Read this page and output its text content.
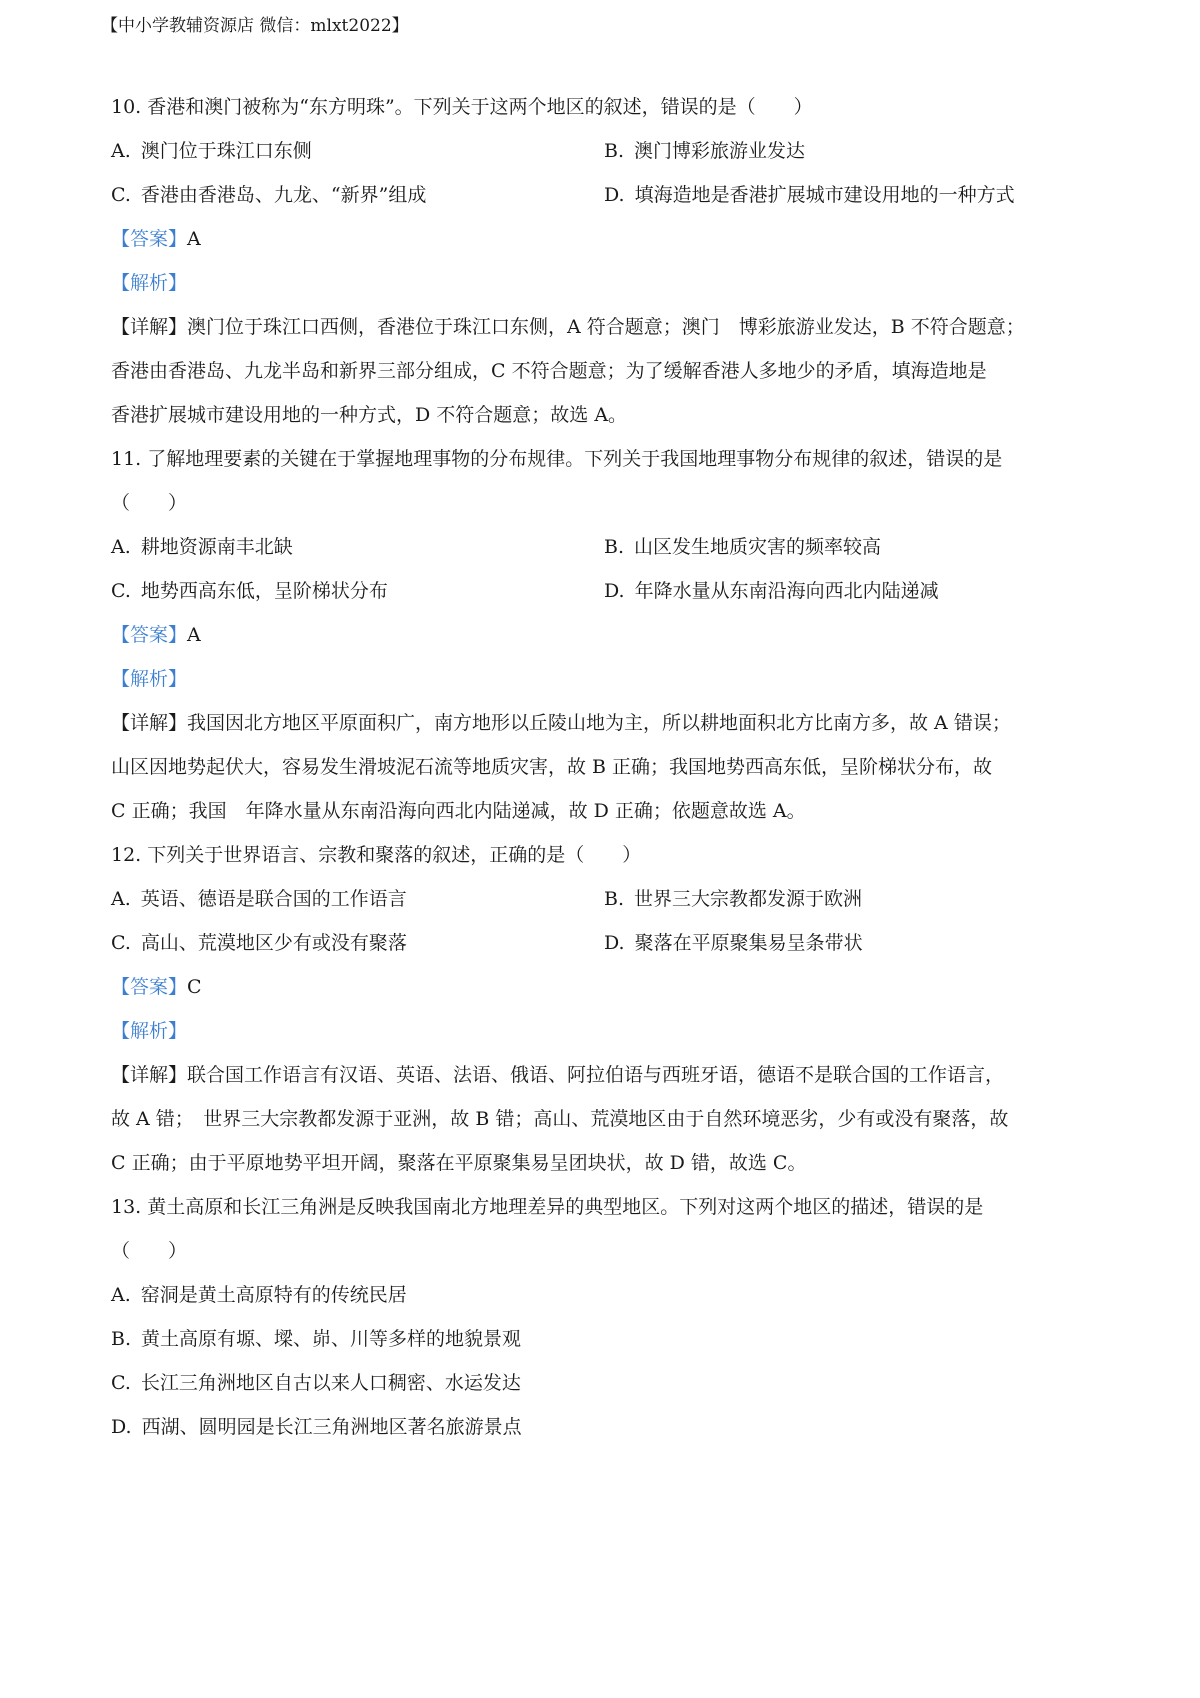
【中小学教辅资源店 微信：mlxt2022】
10. 香港和澳门被称为“东方明珠”。下列关于这两个地区的叙述，错误的是（　　）
A. 澳门位于珠江口东侧	B. 澳门博彩旅游业发达
C. 香港由香港岛、九龙、“新界”组成	D. 填海造地是香港扩展城市建设用地的一种方式
【答案】A
【解析】
【详解】澳门位于珠江口西侧，香港位于珠江口东侧，A 符合题意；澳门　博彩旅游业发达，B 不符合题意；
香港由香港岛、九龙半岛和新界三部分组成，C 不符合题意；为了缓解香港人多地少的矛盾，填海造地是
香港扩展城市建设用地的一种方式，D 不符合题意；故选 A。
11. 了解地理要素的关键在于掌握地理事物的分布规律。下列关于我国地理事物分布规律的叙述，错误的是
（　　）
A. 耕地资源南丰北缺	B. 山区发生地质灾害的频率较高
C. 地势西高东低，呈阶梯状分布	D. 年降水量从东南沿海向西北内陆递减
【答案】A
【解析】
【详解】我国因北方地区平原面积广，南方地形以丘陵山地为主，所以耕地面积北方比南方多，故 A 错误；
山区因地势起伏大，容易发生滑坡泥石流等地质灾害，故 B 正确；我国地势西高东低，呈阶梯状分布，故
C 正确；我国　年降水量从东南沿海向西北内陆递减，故 D 正确；依题意故选 A。
12. 下列关于世界语言、宗教和聚落的叙述，正确的是（　　）
A. 英语、德语是联合国的工作语言	B. 世界三大宗教都发源于欧洲
C. 高山、荒漠地区少有或没有聚落	D. 聚落在平原聚集易呈条带状
【答案】C
【解析】
【详解】联合国工作语言有汉语、英语、法语、俄语、阿拉伯语与西班牙语，德语不是联合国的工作语言，
故 A 错；　世界三大宗教都发源于亚洲，故 B 错；高山、荒漠地区由于自然环境恶劣，少有或没有聚落，故
C 正确；由于平原地势平坦开阔，聚落在平原聚集易呈团块状，故 D 错，故选 C。
13. 黄土高原和长江三角洲是反映我国南北方地理差异的典型地区。下列对这两个地区的描述，错误的是
（　　）
A. 窑洞是黄土高原特有的传统民居
B. 黄土高原有塬、墚、峁、川等多样的地貌景观
C. 长江三角洲地区自古以来人口稠密、水运发达
D. 西湖、圆明园是长江三角洲地区著名旅游景点
